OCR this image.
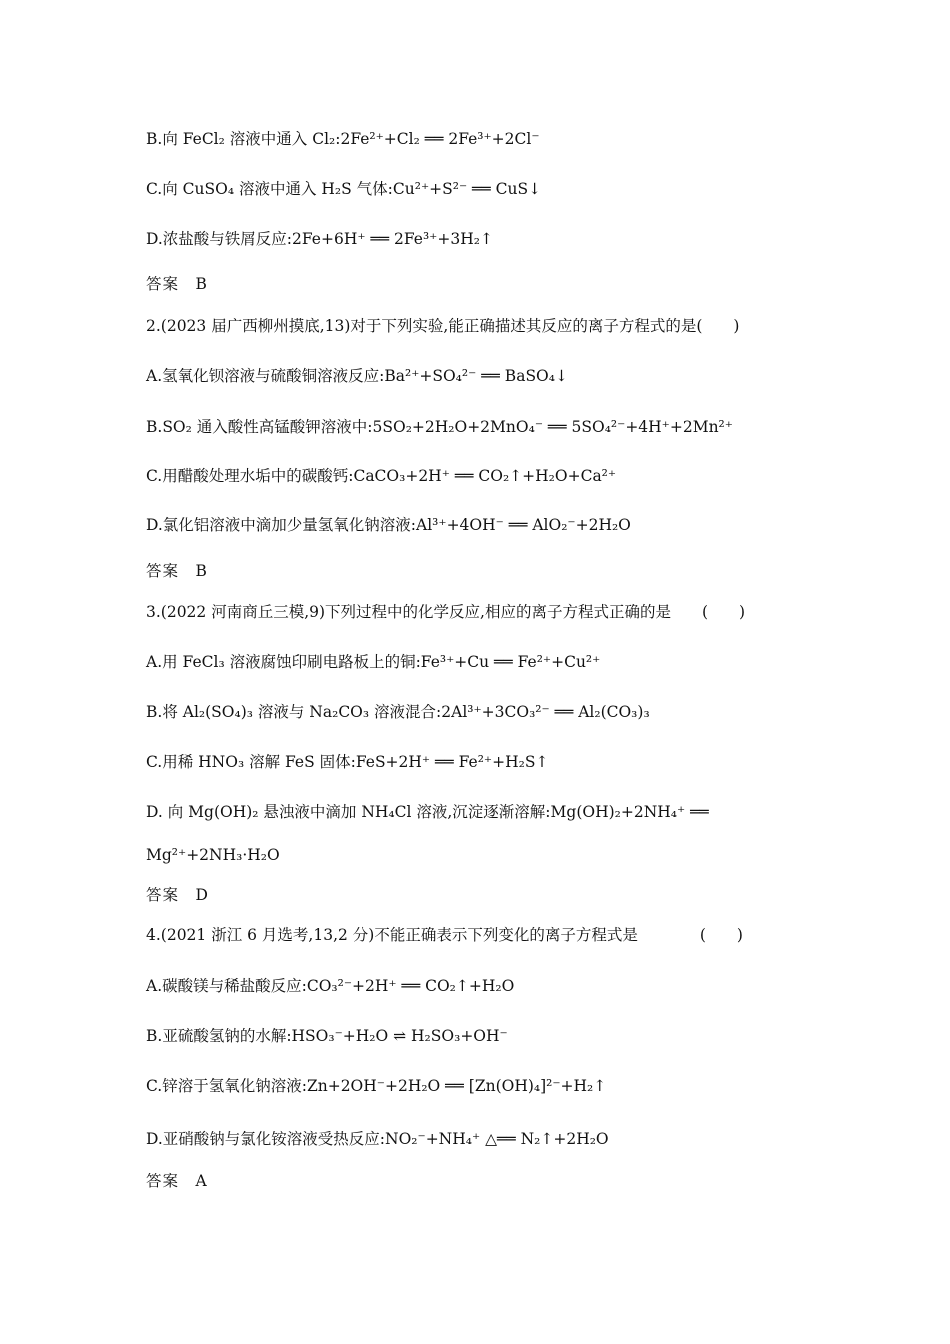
B.向 FeCl₂ 溶液中通入 Cl₂:2Fe²⁺+Cl₂ ══ 2Fe³⁺+2Cl⁻
C.向 CuSO₄ 溶液中通入 H₂S 气体:Cu²⁺+S²⁻ ══ CuS↓
D.浓盐酸与铁屑反应:2Fe+6H⁺ ══ 2Fe³⁺+3H₂↑
答案　B
2.(2023 届广西柳州摸底,13)对于下列实验,能正确描述其反应的离子方程式的是(　　)
A.氢氧化钡溶液与硫酸铜溶液反应:Ba²⁺+SO₄²⁻ ══ BaSO₄↓
B.SO₂ 通入酸性高锰酸钾溶液中:5SO₂+2H₂O+2MnO₄⁻ ══ 5SO₄²⁻+4H⁺+2Mn²⁺
C.用醋酸处理水垢中的碳酸钙:CaCO₃+2H⁺ ══ CO₂↑+H₂O+Ca²⁺
D.氯化铝溶液中滴加少量氢氧化钠溶液:Al³⁺+4OH⁻ ══ AlO₂⁻+2H₂O
答案　B
3.(2022 河南商丘三模,9)下列过程中的化学反应,相应的离子方程式正确的是　　(　　)
A.用 FeCl₃ 溶液腐蚀印刷电路板上的铜:Fe³⁺+Cu ══ Fe²⁺+Cu²⁺
B.将 Al₂(SO₄)₃ 溶液与 Na₂CO₃ 溶液混合:2Al³⁺+3CO₃²⁻ ══ Al₂(CO₃)₃
C.用稀 HNO₃ 溶解 FeS 固体:FeS+2H⁺ ══ Fe²⁺+H₂S↑
D. 向 Mg(OH)₂ 悬浊液中滴加 NH₄Cl 溶液,沉淀逐渐溶解:Mg(OH)₂+2NH₄⁺ ══
Mg²⁺+2NH₃·H₂O
答案　D
4.(2021 浙江 6 月选考,13,2 分)不能正确表示下列变化的离子方程式是　　　　(　　)
A.碳酸镁与稀盐酸反应:CO₃²⁻+2H⁺ ══ CO₂↑+H₂O
B.亚硫酸氢钠的水解:HSO₃⁻+H₂O ⇌ H₂SO₃+OH⁻
C.锌溶于氢氧化钠溶液:Zn+2OH⁻+2H₂O ══ [Zn(OH)₄]²⁻+H₂↑
D.亚硝酸钠与氯化铵溶液受热反应:NO₂⁻+NH₄⁺ △══ N₂↑+2H₂O
答案　A
